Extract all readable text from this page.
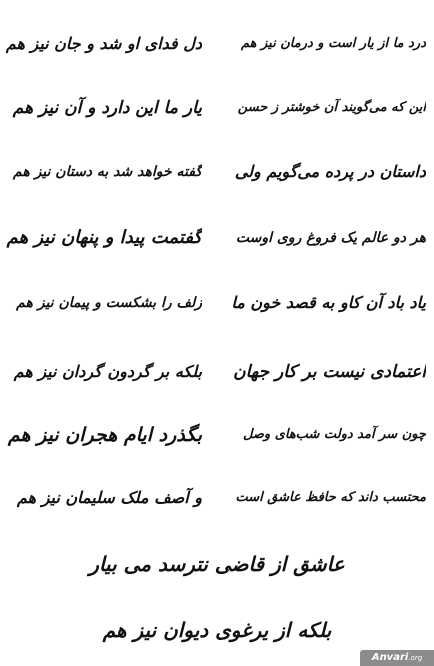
درد ما از یار است و درمان نیز هم
دل فدای او شد و جان نیز هم
این که می‌گویند آن خوشتر ز حسن
یار ما این دارد و آن نیز هم
داستان در پرده می‌گویم ولی
گفته خواهد شد به دستان نیز هم
هر دو عالم یک فروغ روی اوست
گفتمت پیدا و پنهان نیز هم
یاد باد آن کاو به قصد خون ما
زلف را بشکست و پیمان نیز هم
اعتمادی نیست بر کار جهان
بلکه بر گردون گردان نیز هم
چون سر آمد دولت شب‌های وصل
بگذرد ایام هجران نیز هم
محتسب داند که حافظ عاشق است
و آصف ملک سلیمان نیز هم
عاشق از قاضی نترسد می بیار
بلکه از یرغوی دیوان نیز هم
Anvari.org
